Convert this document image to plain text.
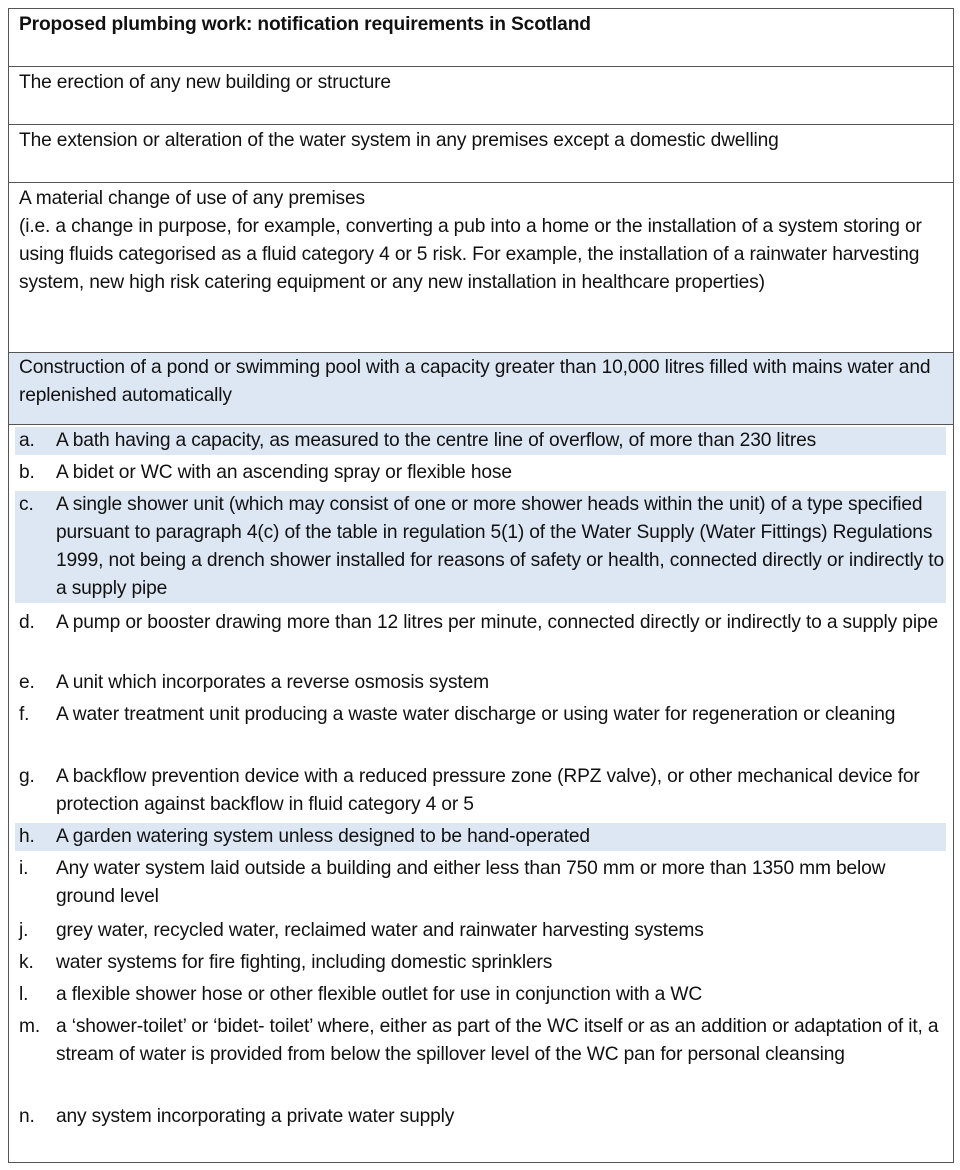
Proposed plumbing work: notification requirements in Scotland
The erection of any new building or structure
The extension or alteration of the water system in any premises except a domestic dwelling
A material change of use of any premises
(i.e. a change in purpose, for example, converting a pub into a home or the installation of a system storing or using fluids categorised as a fluid category 4 or 5 risk. For example, the installation of a rainwater harvesting system, new high risk catering equipment or any new installation in healthcare properties)
Construction of a pond or swimming pool with a capacity greater than 10,000 litres filled with mains water and replenished automatically
a. A bath having a capacity, as measured to the centre line of overflow, of more than 230 litres
b. A bidet or WC with an ascending spray or flexible hose
c. A single shower unit (which may consist of one or more shower heads within the unit) of a type specified pursuant to paragraph 4(c) of the table in regulation 5(1) of the Water Supply (Water Fittings) Regulations 1999, not being a drench shower installed for reasons of safety or health, connected directly or indirectly to a supply pipe
d. A pump or booster drawing more than 12 litres per minute, connected directly or indirectly to a supply pipe
e. A unit which incorporates a reverse osmosis system
f. A water treatment unit producing a waste water discharge or using water for regeneration or cleaning
g. A backflow prevention device with a reduced pressure zone (RPZ valve), or other mechanical device for protection against backflow in fluid category 4 or 5
h. A garden watering system unless designed to be hand-operated
i. Any water system laid outside a building and either less than 750 mm or more than 1350 mm below ground level
j. grey water, recycled water, reclaimed water and rainwater harvesting systems
k. water systems for fire fighting, including domestic sprinklers
l. a flexible shower hose or other flexible outlet for use in conjunction with a WC
m. a ‘shower-toilet’ or ‘bidet- toilet’ where, either as part of the WC itself or as an addition or adaptation of it, a stream of water is provided from below the spillover level of the WC pan for personal cleansing
n. any system incorporating a private water supply
